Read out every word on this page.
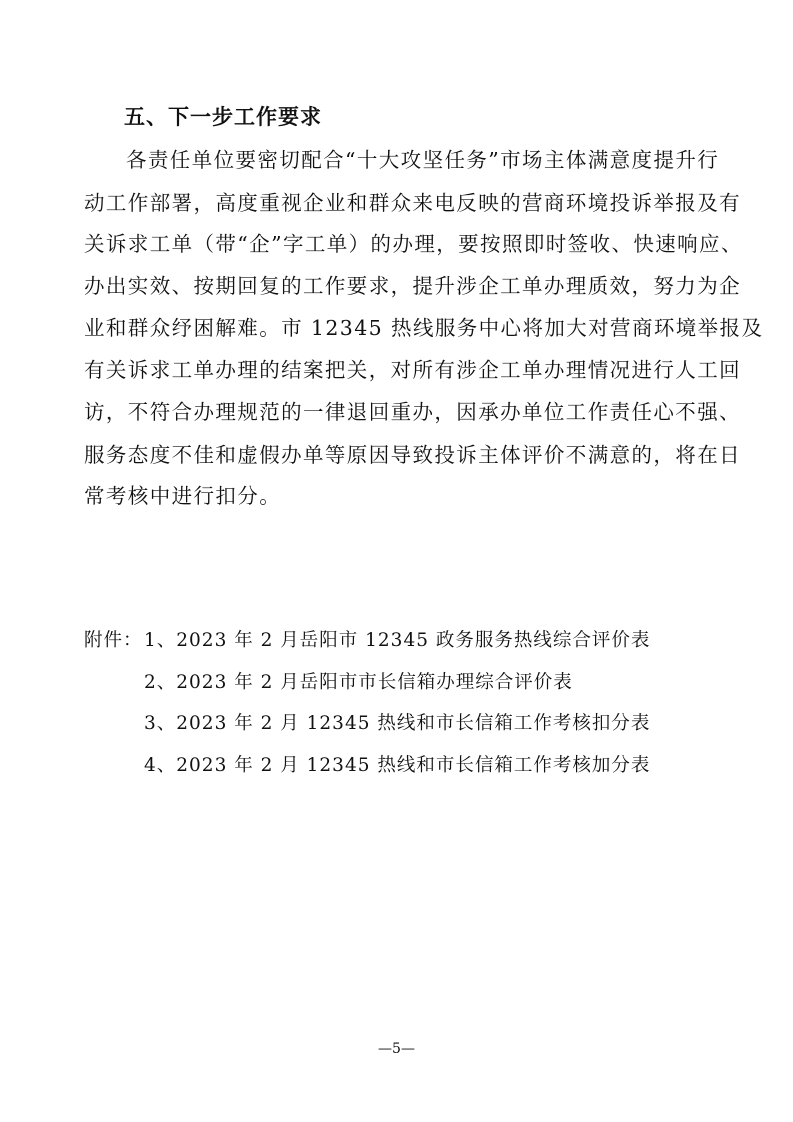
五、下一步工作要求
各责任单位要密切配合“十大攻坚任务”市场主体满意度提升行
动工作部署，高度重视企业和群众来电反映的营商环境投诉举报及有
关诉求工单（带“企”字工单）的办理，要按照即时签收、快速响应、
办出实效、按期回复的工作要求，提升涉企工单办理质效，努力为企
业和群众纾困解难。市 12345 热线服务中心将加大对营商环境举报及
有关诉求工单办理的结案把关，对所有涉企工单办理情况进行人工回
访，不符合办理规范的一律退回重办，因承办单位工作责任心不强、
服务态度不佳和虚假办单等原因导致投诉主体评价不满意的，将在日
常考核中进行扣分。
附件： 1、2023 年 2 月岳阳市 12345 政务服务热线综合评价表
2、2023 年 2 月岳阳市市长信箱办理综合评价表
3、2023 年 2 月 12345 热线和市长信箱工作考核扣分表
4、2023 年 2 月 12345 热线和市长信箱工作考核加分表
—5—
